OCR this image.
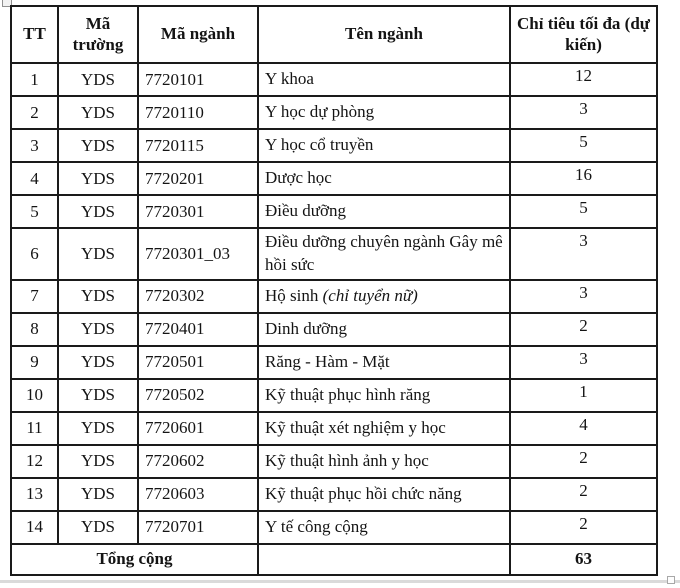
TT	Mã trường	Mã ngành	Tên ngành	Chỉ tiêu tối đa (dự kiến)
1	YDS	7720101	Y khoa	12
2	YDS	7720110	Y học dự phòng	3
3	YDS	7720115	Y học cổ truyền	5
4	YDS	7720201	Dược học	16
5	YDS	7720301	Điều dưỡng	5
6	YDS	7720301_03	Điều dưỡng chuyên ngành Gây mê hồi sức	3
7	YDS	7720302	Hộ sinh (chỉ tuyển nữ)	3
8	YDS	7720401	Dinh dưỡng	2
9	YDS	7720501	Răng - Hàm - Mặt	3
10	YDS	7720502	Kỹ thuật phục hình răng	1
11	YDS	7720601	Kỹ thuật xét nghiệm y học	4
12	YDS	7720602	Kỹ thuật hình ảnh y học	2
13	YDS	7720603	Kỹ thuật phục hồi chức năng	2
14	YDS	7720701	Y tế công cộng	2
Tổng cộng				63
